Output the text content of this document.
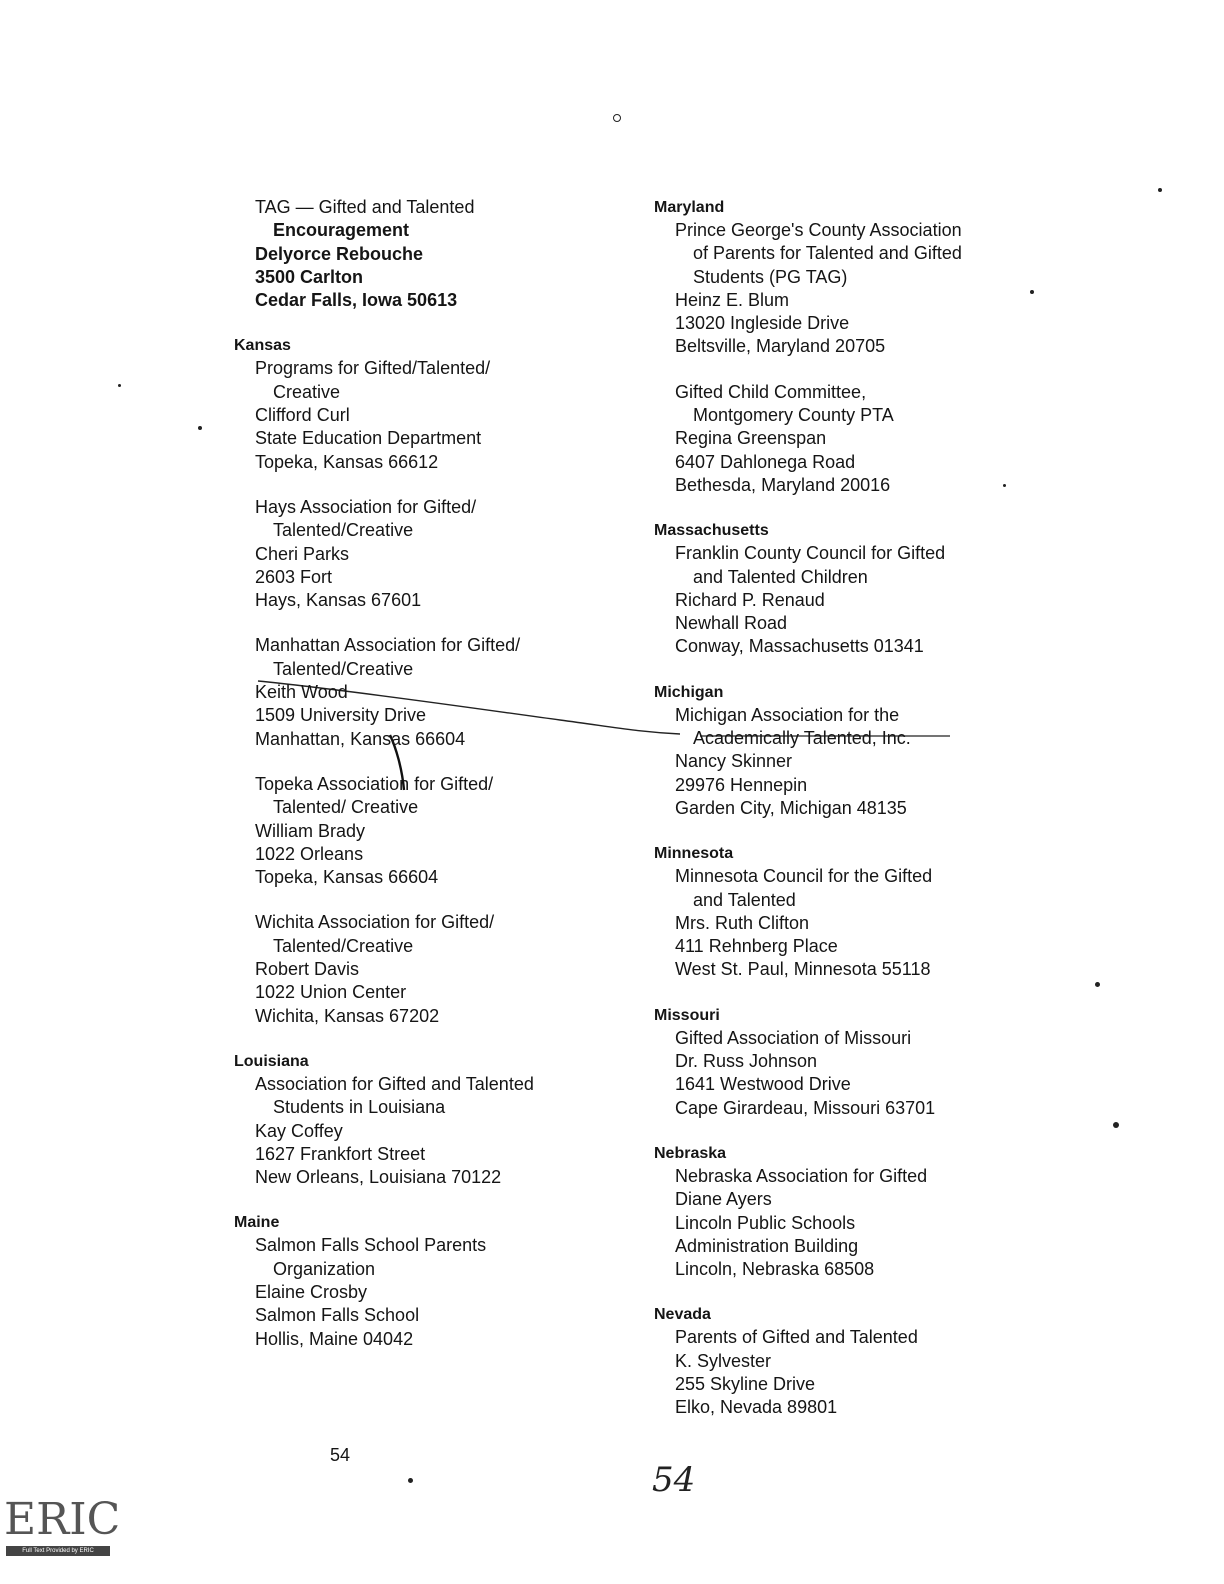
TAG — Gifted and Talented
Encouragement
Delyorce Rebouche
3500 Carlton
Cedar Falls, Iowa 50613
Kansas
Programs for Gifted/Talented/
Creative
Clifford Curl
State Education Department
Topeka, Kansas 66612
Hays Association for Gifted/
Talented/Creative
Cheri Parks
2603 Fort
Hays, Kansas 67601
Manhattan Association for Gifted/
Talented/Creative
Keith Wood
1509 University Drive
Manhattan, Kansas 66604
Topeka Association for Gifted/
Talented/ Creative
William Brady
1022 Orleans
Topeka, Kansas 66604
Wichita Association for Gifted/
Talented/Creative
Robert Davis
1022 Union Center
Wichita, Kansas 67202
Louisiana
Association for Gifted and Talented
Students in Louisiana
Kay Coffey
1627 Frankfort Street
New Orleans, Louisiana 70122
Maine
Salmon Falls School Parents
Organization
Elaine Crosby
Salmon Falls School
Hollis, Maine 04042
Maryland
Prince George's County Association
of Parents for Talented and Gifted
Students (PG TAG)
Heinz E. Blum
13020 Ingleside Drive
Beltsville, Maryland 20705
Gifted Child Committee,
Montgomery County PTA
Regina Greenspan
6407 Dahlonega Road
Bethesda, Maryland 20016
Massachusetts
Franklin County Council for Gifted
and Talented Children
Richard P. Renaud
Newhall Road
Conway, Massachusetts 01341
Michigan
Michigan Association for the
Academically Talented, Inc.
Nancy Skinner
29976 Hennepin
Garden City, Michigan 48135
Minnesota
Minnesota Council for the Gifted
and Talented
Mrs. Ruth Clifton
411 Rehnberg Place
West St. Paul, Minnesota 55118
Missouri
Gifted Association of Missouri
Dr. Russ Johnson
1641 Westwood Drive
Cape Girardeau, Missouri 63701
Nebraska
Nebraska Association for Gifted
Diane Ayers
Lincoln Public Schools
Administration Building
Lincoln, Nebraska 68508
Nevada
Parents of Gifted and Talented
K. Sylvester
255 Skyline Drive
Elko, Nevada 89801
54
54
ERIC
Full Text Provided by ERIC
